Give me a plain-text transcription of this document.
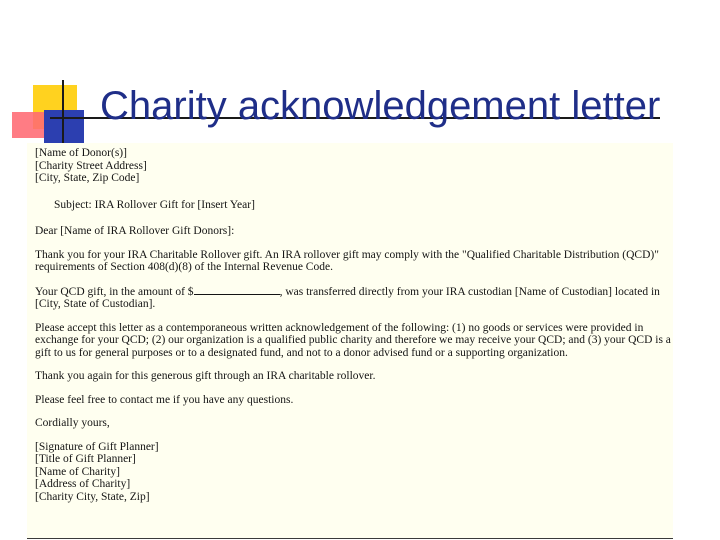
Charity acknowledgement letter
[Name of Donor(s)]
[Charity Street Address]
[City, State, Zip Code]
Subject: IRA Rollover Gift for [Insert Year]
Dear [Name of IRA Rollover Gift Donors]:
Thank you for your IRA Charitable Rollover gift. An IRA rollover gift may comply with the "Qualified Charitable Distribution (QCD)"
requirements of Section 408(d)(8) of the Internal Revenue Code.
Your QCD gift, in the amount of $	, was transferred directly from your IRA custodian [Name of Custodian] located in
[City, State of Custodian].
Please accept this letter as a contemporaneous written acknowledgement of the following: (1) no goods or services were provided in
exchange for your QCD; (2) our organization is a qualified public charity and therefore we may receive your QCD; and (3) your QCD is a
gift to us for general purposes or to a designated fund, and not to a donor advised fund or a supporting organization.
Thank you again for this generous gift through an IRA charitable rollover.
Please feel free to contact me if you have any questions.
Cordially yours,
[Signature of Gift Planner]
[Title of Gift Planner]
[Name of Charity]
[Address of Charity]
[Charity City, State, Zip]
